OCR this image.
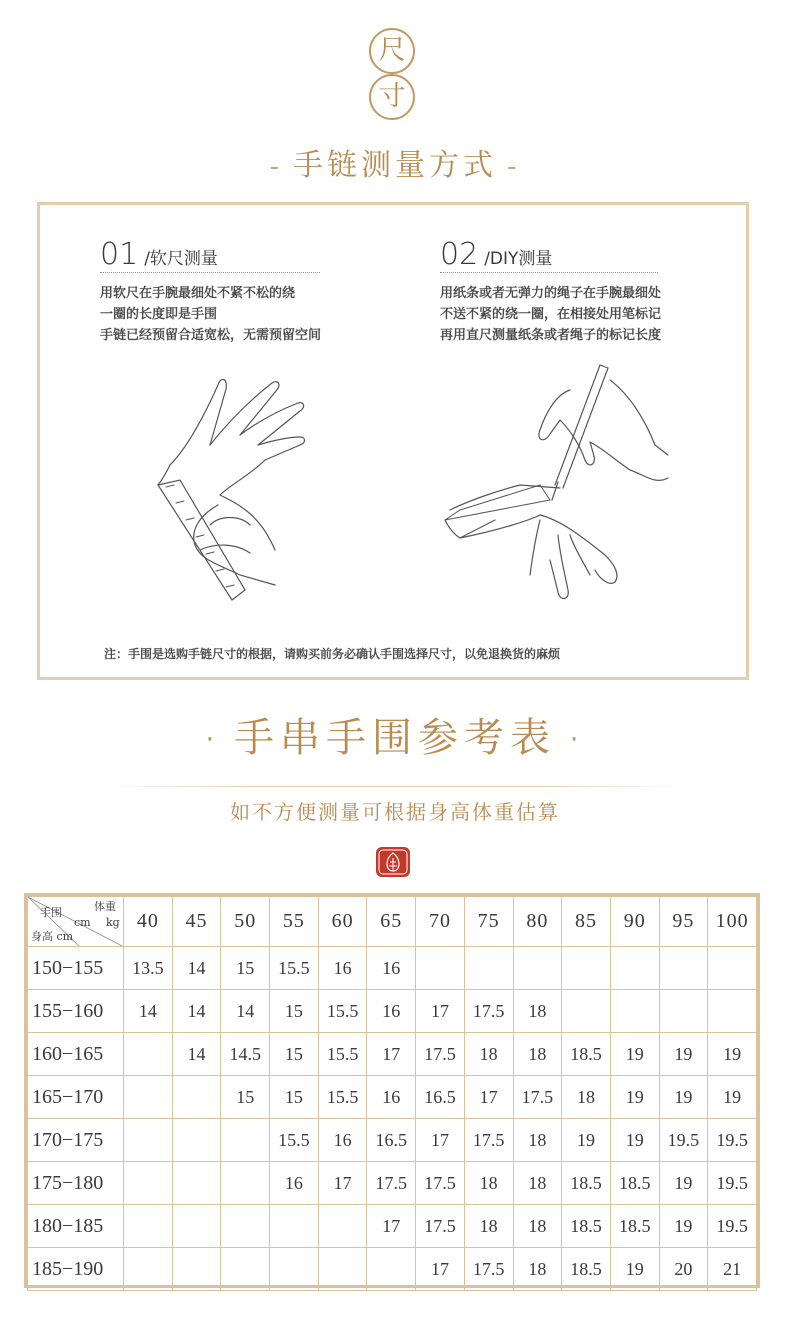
尺
寸
- 手链测量方式 -
01 /软尺测量
用软尺在手腕最细处不紧不松的绕
一圈的长度即是手围
手链已经预留合适宽松，无需预留空间
02 /DIY测量
用纸条或者无弹力的绳子在手腕最细处
不送不紧的绕一圈，在相接处用笔标记
再用直尺测量纸条或者绳子的标记长度
注：手围是选购手链尺寸的根据，请购买前务必确认手围选择尺寸，以免退换货的麻烦
· 手串手围参考表 ·
如不方便测量可根据身高体重估算
手围
cm
体重
kg
身高 cm	40	45	50	55	60	65	70	75	80	85	90	95	100
150−155	13.5	14	15	15.5	16	16							
155−160	14	14	14	15	15.5	16	17	17.5	18				
160−165		14	14.5	15	15.5	17	17.5	18	18	18.5	19	19	19
165−170			15	15	15.5	16	16.5	17	17.5	18	19	19	19
170−175				15.5	16	16.5	17	17.5	18	19	19	19.5	19.5
175−180				16	17	17.5	17.5	18	18	18.5	18.5	19	19.5
180−185						17	17.5	18	18	18.5	18.5	19	19.5
185−190							17	17.5	18	18.5	19	20	21
